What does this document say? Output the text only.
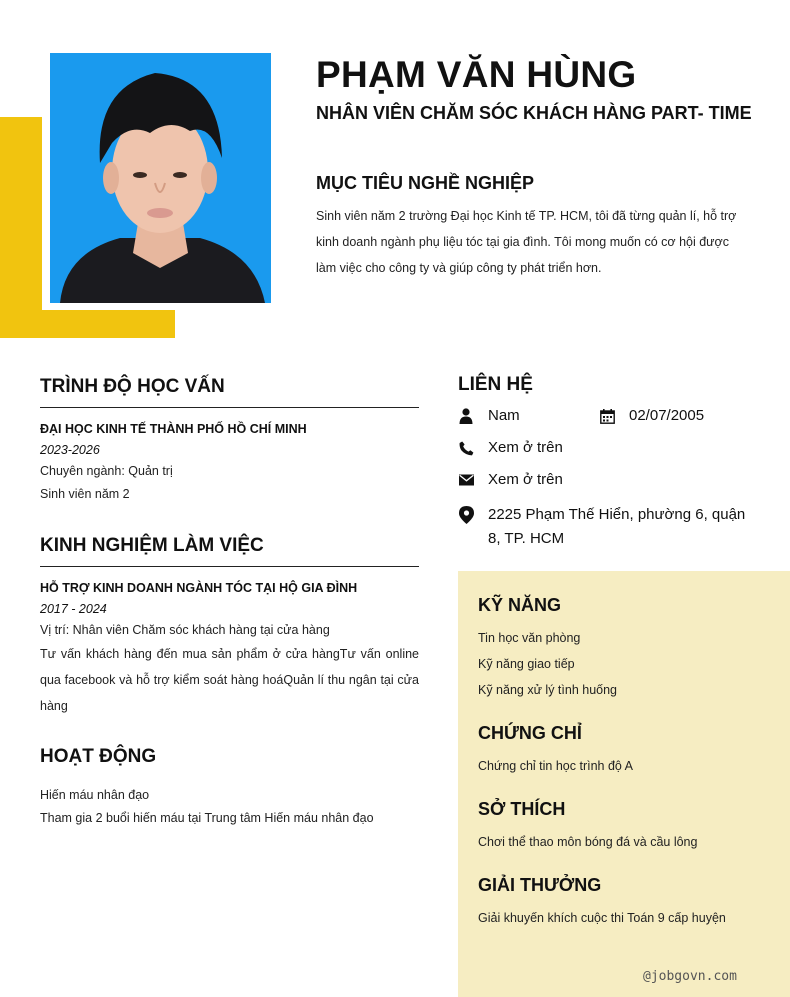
PHẠM VĂN HÙNG
NHÂN VIÊN CHĂM SÓC KHÁCH HÀNG PART- TIME
MỤC TIÊU NGHỀ NGHIỆP
Sinh viên năm 2 trường Đại học Kinh tế TP. HCM, tôi đã từng quản lí, hỗ trợ kinh doanh ngành phụ liệu tóc tại gia đình. Tôi mong muốn có cơ hội được làm việc cho công ty và giúp công ty phát triển hơn.
TRÌNH ĐỘ HỌC VẤN
ĐẠI HỌC KINH TẾ THÀNH PHỐ HỒ CHÍ MINH
2023-2026
Chuyên ngành: Quản trị
Sinh viên năm 2
KINH NGHIỆM LÀM VIỆC
HỖ TRỢ KINH DOANH NGÀNH TÓC TẠI HỘ GIA ĐÌNH
2017 - 2024
Vị trí: Nhân viên Chăm sóc khách hàng tại cửa hàng
Tư vấn khách hàng đến mua sản phẩm ở cửa hàngTư vấn online qua facebook và hỗ trợ kiểm soát hàng hoáQuản lí thu ngân tại cửa hàng
HOẠT ĐỘNG
Hiến máu nhân đạo
Tham gia 2 buổi hiến máu tại Trung tâm Hiến máu nhân đạo
LIÊN HỆ
Nam	02/07/2005
Xem ở trên
Xem ở trên
2225 Phạm Thế Hiển, phường 6, quận 8, TP. HCM
KỸ NĂNG
Tin học văn phòng
Kỹ năng giao tiếp
Kỹ năng xử lý tình huống
CHỨNG CHỈ
Chứng chỉ tin học trình độ A
SỞ THÍCH
Chơi thể thao môn bóng đá và cầu lông
GIẢI THƯỞNG
Giải khuyến khích cuộc thi Toán 9 cấp huyện
@jobgovn.com
